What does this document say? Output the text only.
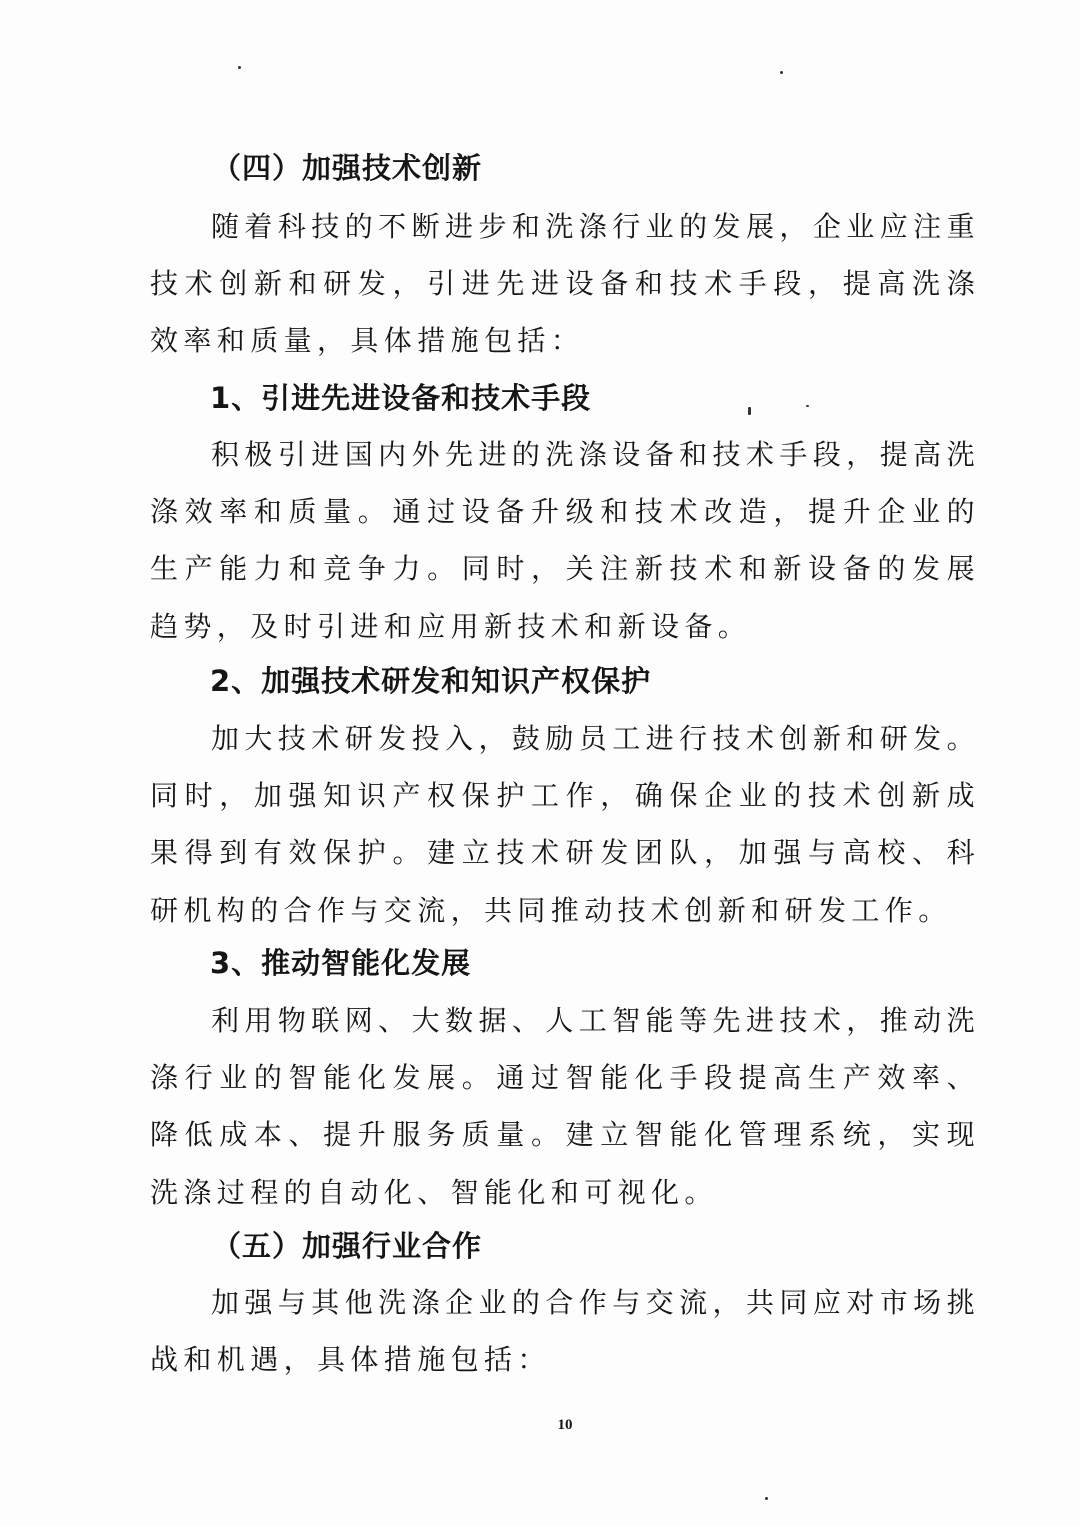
（四）加强技术创新

随着科技的不断进步和洗涤行业的发展，企业应注重技术创新和研发，引进先进设备和技术手段，提高洗涤效率和质量，具体措施包括：

1、引进先进设备和技术手段

积极引进国内外先进的洗涤设备和技术手段，提高洗涤效率和质量。通过设备升级和技术改造，提升企业的生产能力和竞争力。同时，关注新技术和新设备的发展趋势，及时引进和应用新技术和新设备。

2、加强技术研发和知识产权保护

加大技术研发投入，鼓励员工进行技术创新和研发。同时，加强知识产权保护工作，确保企业的技术创新成果得到有效保护。建立技术研发团队，加强与高校、科研机构的合作与交流，共同推动技术创新和研发工作。

3、推动智能化发展

利用物联网、大数据、人工智能等先进技术，推动洗涤行业的智能化发展。通过智能化手段提高生产效率、降低成本、提升服务质量。建立智能化管理系统，实现洗涤过程的自动化、智能化和可视化。

（五）加强行业合作

加强与其他洗涤企业的合作与交流，共同应对市场挑战和机遇，具体措施包括：

10
